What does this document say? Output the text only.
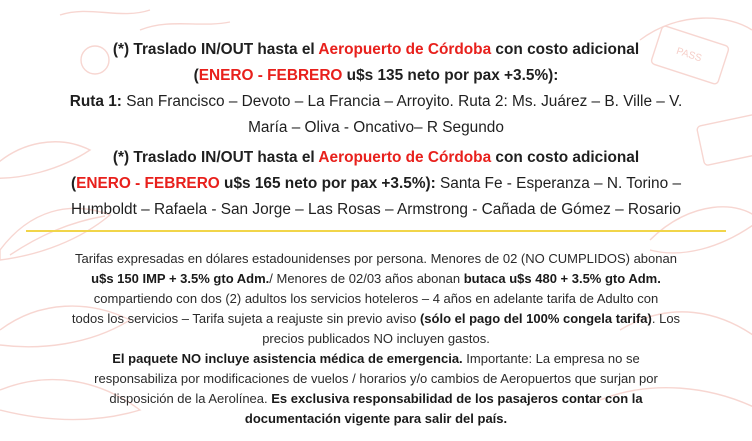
PASS
(*) Traslado IN/OUT hasta el Aeropuerto de Córdoba con costo adicional
(ENERO - FEBRERO u$s 135 neto por pax +3.5%):
Ruta 1: San Francisco – Devoto – La Francia – Arroyito. Ruta 2: Ms. Juárez – B. Ville – V.
María – Oliva - Oncativo– R Segundo
(*) Traslado IN/OUT hasta el Aeropuerto de Córdoba con costo adicional
(ENERO - FEBRERO u$s 165 neto por pax +3.5%): Santa Fe - Esperanza – N. Torino –
Humboldt – Rafaela - San Jorge – Las Rosas – Armstrong - Cañada de Gómez – Rosario
Tarifas expresadas en dólares estadounidenses por persona. Menores de 02 (NO CUMPLIDOS) abonan
u$s 150 IMP + 3.5% gto Adm./ Menores de 02/03 años abonan butaca u$s 480 + 3.5% gto Adm.
compartiendo con dos (2) adultos los servicios hoteleros – 4 años en adelante tarifa de Adulto con
todos los servicios – Tarifa sujeta a reajuste sin previo aviso (sólo el pago del 100% congela tarifa). Los
precios publicados NO incluyen gastos.
El paquete NO incluye asistencia médica de emergencia. Importante: La empresa no se
responsabiliza por modificaciones de vuelos / horarios y/o cambios de Aeropuertos que surjan por
disposición de la Aerolínea. Es exclusiva responsabilidad de los pasajeros contar con la
documentación vigente para salir del país.
